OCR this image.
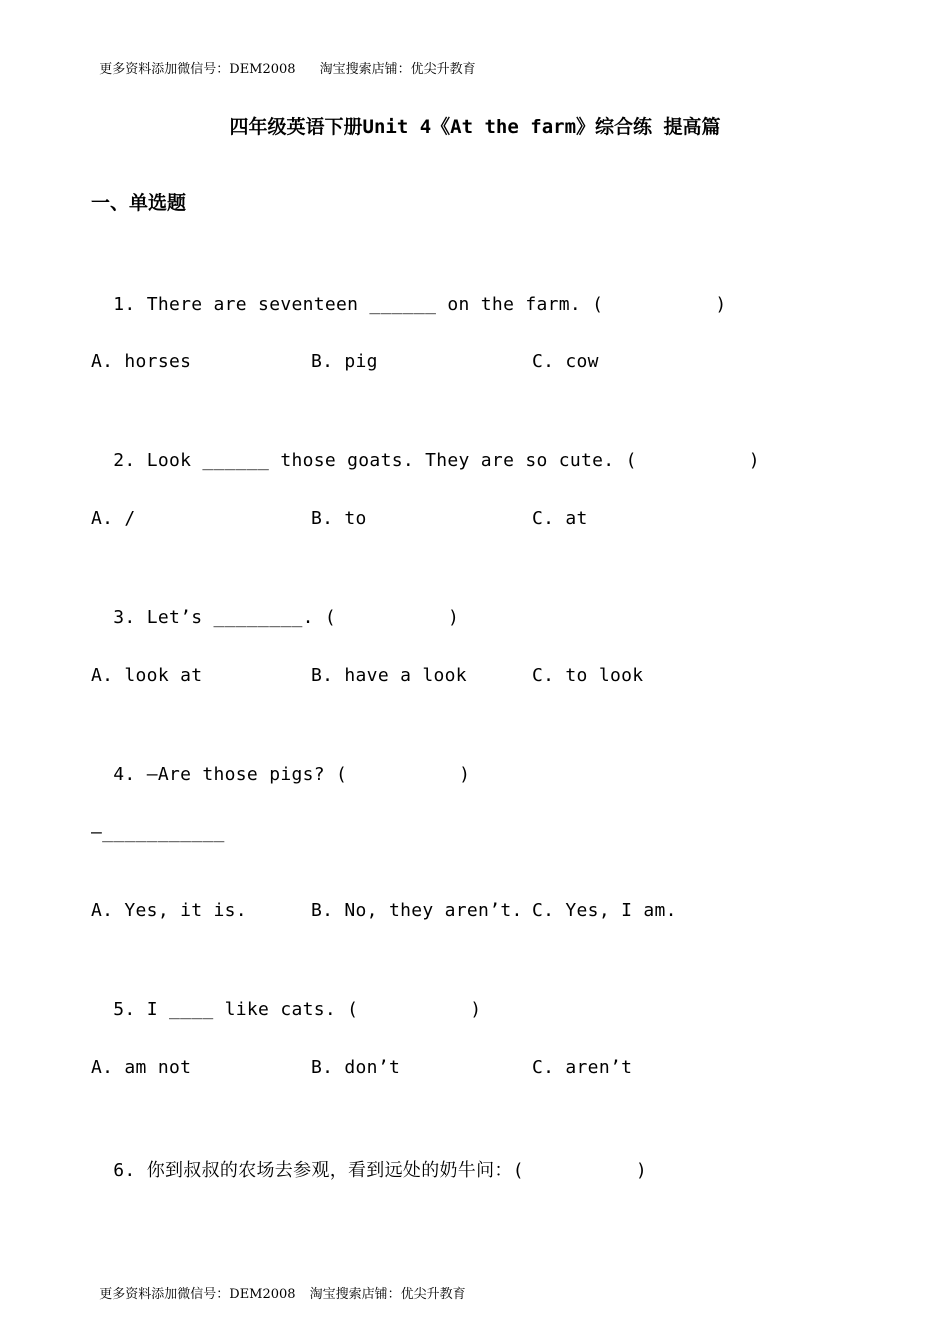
更多资料添加微信号：DEM2008 淘宝搜索店铺：优尖升教育

四年级英语下册Unit 4《At the farm》综合练 提高篇
一、单选题

1. There are seventeen ______ on the farm. (	)

A. horses	B. pig	C. cow

2. Look ______ those goats. They are so cute. (	)

A. /	B. to	C. at

3. Let’s ________. (	)

A. look at	B. have a look	C. to look

4. —Are those pigs? (	)

—___________
A. Yes, it is.	B. No, they aren’t. C. Yes, I am.

5. I ____ like cats. (	)

A. am not	B. don’t	C. aren’t

6. 你到叔叔的农场去参观，看到远处的奶牛问：(	)

更多资料添加微信号：DEM2008 淘宝搜索店铺：优尖升教育
